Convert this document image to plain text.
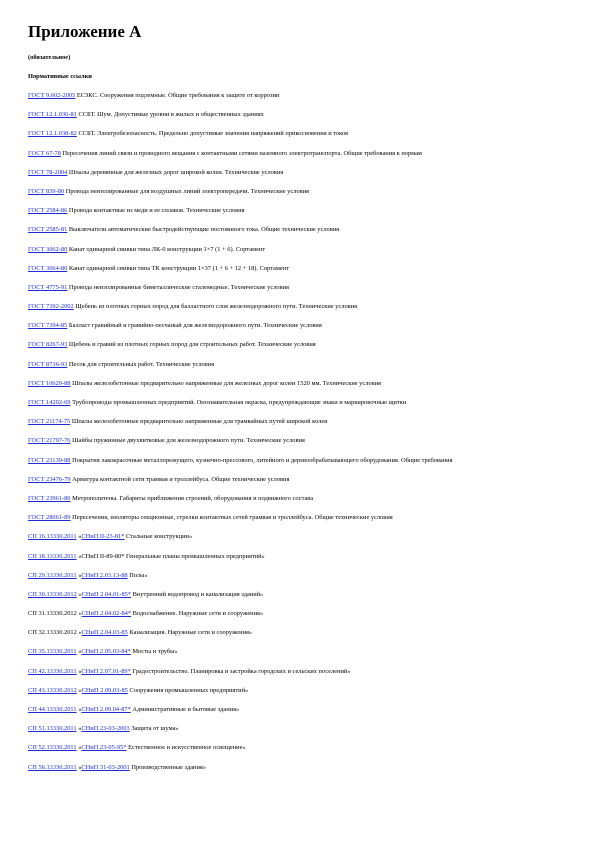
Приложение А
(обязательное)
Нормативные ссылки
ГОСТ 9.602-2005 ЕСЗКС. Сооружения подземные. Общие требования к защите от коррозии
ГОСТ 12.1.036-81 ССБТ. Шум. Допустимые уровни в жилых и общественных зданиях
ГОСТ 12.1.038-82 ССБТ. Электробезопасность. Предельно допустимые значения напряжений прикосновения и токов
ГОСТ 67-78 Пересечения линий связи и проводного вещания с контактными сетями наземного электротранспорта. Общие требования к нормам
ГОСТ 78-2004 Шпалы деревянные для железных дорог широкой колеи. Технические условия
ГОСТ 839-80 Провода неизолированные для воздушных линий электропередачи. Технические условия
ГОСТ 2584-86 Провода контактные из меди и ее сплавов. Технические условия
ГОСТ 2585-81 Выключатели автоматические быстродействующие постоянного тока. Общие технические условия
ГОСТ 3062-80 Канат одинарной свивки типа ЛК-0 конструкции 1×7 (1 + 6). Сортамент
ГОСТ 3064-80 Канат одинарной свивки типа ТК конструкции 1×37 (1 + 6 + 12 + 18). Сортамент
ГОСТ 4775-91 Провода неизолированные биметаллические сталемедные. Технические условия
ГОСТ 7392-2002 Щебень из плотных горных пород для балластного слоя железнодорожного пути. Технические условия
ГОСТ 7394-85 Балласт гравийный и гравийно-песчаный для железнодорожного пути. Технические условия
ГОСТ 8267-93 Щебень и гравий из плотных горных пород для строительных работ. Технические условия
ГОСТ 8736-93 Песок для строительных работ. Технические условия
ГОСТ 10629-88 Шпалы железобетонные предварительно напряженные для железных дорог колеи 1520 мм. Технические условия
ГОСТ 14202-69 Трубопроводы промышленных предприятий. Опознавательная окраска, предупреждающие знаки и маркировочные щитки
ГОСТ 21174-75 Шпалы железобетонные предварительно напряженные для трамвайных путей широкой колеи
ГОСТ 21797-76 Шайбы пружинные двухвитковые для железнодорожного пути. Технические условия
ГОСТ 23139-88 Покрытия лакокрасочные металлорежущего, кузнечно-прессового, литейного и деревообрабатывающего оборудования. Общие требования
ГОСТ 23476-79 Арматура контактной сети трамвая и троллейбуса. Общие технические условия
ГОСТ 23961-80 Метрополитены. Габариты приближения строений, оборудования и подвижного состава
ГОСТ 28061-89 Пересечения, изоляторы секционные, стрелки контактных сетей трамвая и троллейбуса. Общие технические условия
СП 16.13330.2011 «СНиП II-23-81* Стальные конструкции»
СП 18.13330.2011 «СНиП II-89-80* Генеральные планы промышленных предприятий»
СП 29.13330.2011 «СНиП 2.03.13-88 Полы»
СП 30.13330.2012 «СНиП 2.04.01-85* Внутренний водопровод и канализация зданий»
СП 31.13330.2012 «СНиП 2.04.02-84* Водоснабжение. Наружные сети и сооружения»
СП 32.13330.2012 «СНиП 2.04.03-85 Канализация. Наружные сети и сооружения»
СП 35.13330.2011 «СНиП 2.05.03-84* Мосты и трубы»
СП 42.13330.2011 «СНиП 2.07.01-89* Градостроительство. Планировка и застройка городских и сельских поселений»
СП 43.13330.2012 «СНиП 2.09.03-85 Сооружения промышленных предприятий»
СП 44.13330.2011 «СНиП 2.09.04-87* Административные и бытовые здания»
СП 51.13330.2011 «СНиП 23-03-2003 Защита от шума»
СП 52.13330.2011 «СНиП 23-05-95* Естественное и искусственное освещение»
СП 56.13330.2011 «СНиП 31-03-2001 Производственные здания»
